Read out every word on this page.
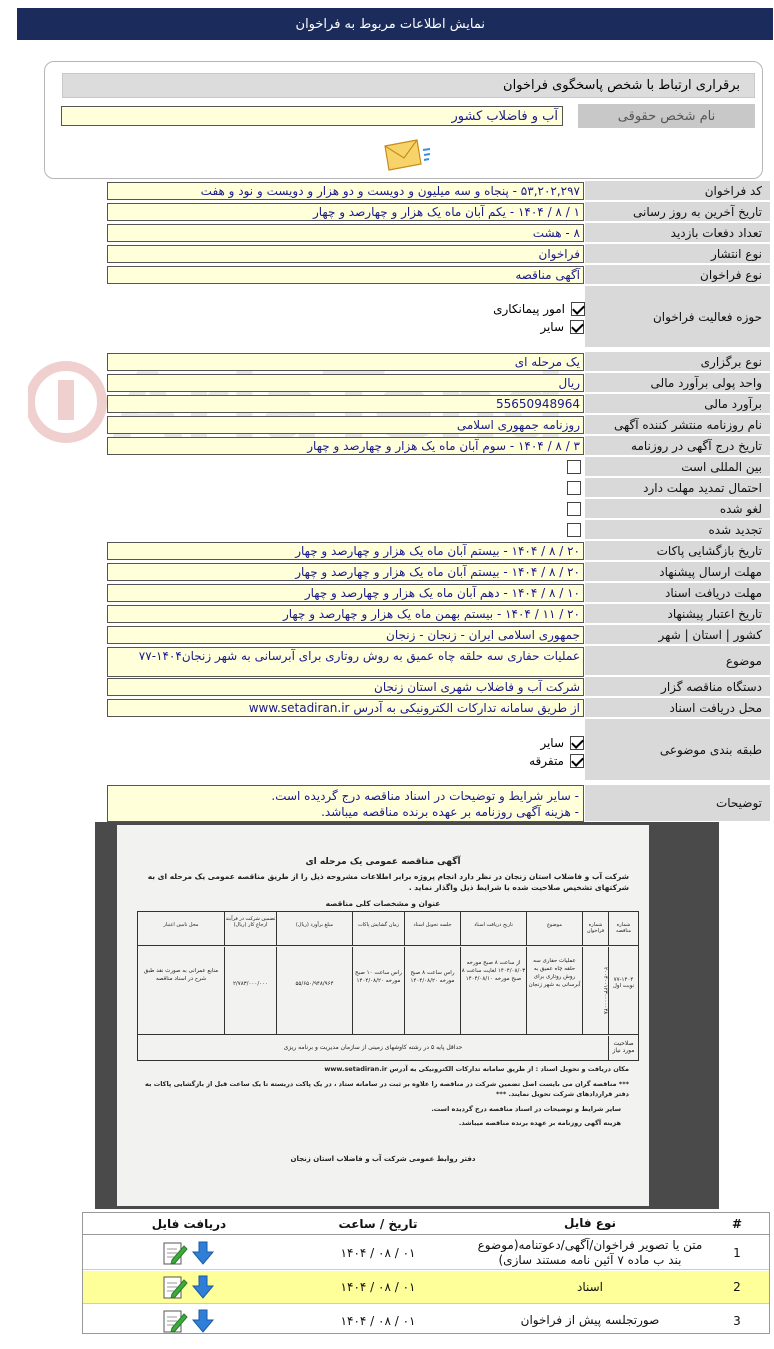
نمایش اطلاعات مربوط به فراخوان
برقراری ارتباط با شخص پاسخگوی فراخوان
نام شخص حقوقی
آب و فاضلاب کشور
کد فراخوان
۵۳,۲۰۲,۲۹۷ - پنجاه و سه میلیون و دویست و دو هزار و دویست و نود و هفت
تاریخ آخرین به روز رسانی
۱ / ۸ / ۱۴۰۴ - یکم آبان ماه یک هزار و چهارصد و چهار
تعداد دفعات بازدید
۸ - هشت
نوع انتشار
فراخوان
نوع فراخوان
آگهی مناقصه
حوزه فعالیت فراخوان
امور پیمانکاری
سایر
نوع برگزاری
یک مرحله ای
واحد پولی برآورد مالی
ریال
برآورد مالی
55650948964
نام روزنامه منتشر کننده آگهی
روزنامه جمهوری اسلامی
تاریخ درج آگهی در روزنامه
۳ / ۸ / ۱۴۰۴ - سوم آبان ماه یک هزار و چهارصد و چهار
بین المللی است
احتمال تمدید مهلت دارد
لغو شده
تجدید شده
تاریخ بازگشایی پاکات
۲۰ / ۸ / ۱۴۰۴ - بیستم آبان ماه یک هزار و چهارصد و چهار
مهلت ارسال پیشنهاد
۲۰ / ۸ / ۱۴۰۴ - بیستم آبان ماه یک هزار و چهارصد و چهار
مهلت دریافت اسناد
۱۰ / ۸ / ۱۴۰۴ - دهم آبان ماه یک هزار و چهارصد و چهار
تاریخ اعتبار پیشنهاد
۲۰ / ۱۱ / ۱۴۰۴ - بیستم بهمن ماه یک هزار و چهارصد و چهار
کشور | استان | شهر
جمهوری اسلامی ایران - زنجان - زنجان
موضوع
عملیات حفاری سه حلقه چاه عمیق به روش روتاری برای آبرسانی به شهر زنجان۱۴۰۴-۷۷
دستگاه مناقصه گزار
شرکت آب و فاضلاب شهری استان زنجان
محل دریافت اسناد
از طریق سامانه تدارکات الکترونیکی به آدرس www.setadiran.ir
طبقه بندی موضوعی
سایر
متفرقه
توضیحات
- سایر شرایط و توضیحات در اسناد مناقصه درج گردیده است.
- هزینه آگهی روزنامه بر عهده برنده مناقصه میباشد.
آگهی مناقصه عمومی یک مرحله ای
شرکت آب و فاضلاب استان زنجان در نظر دارد انجام پروژه برابر اطلاعات مشروحه ذیل را از طریق مناقصه عمومی یک مرحله ای به شرکتهای تشخیص صلاحیت شده با شرایط ذیل واگذار نماید .
عنوان و مشخصات کلی مناقصه
شماره مناقصه
شماره فراخوان
موضوع
تاریخ دریافت اسناد
جلسه تحویل اسناد
زمان گشایش پاکات
مبلغ برآورد (ریال)
تضمین شرکت در فرآیند ارجاع کار (ریال)
محل تامین اعتبار
۷۷-۱۴۰۴ نوبت اول
۲۰۰۴۰۰۱۲۳۰۰۰۰۰۴۸
عملیات حفاری سه حلقه چاه عمیق به روش روتاری برای آبرسانی به شهر زنجان
از ساعت ۸ صبح مورخه ۱۴۰۴/۰۸/۰۳ لغایت ساعت ۸ صبح مورخه ۱۴۰۴/۰۸/۱۰
راس ساعت ۸ صبح مورخه ۱۴۰۴/۰۸/۲۰
راس ساعت ۱۰ صبح مورخه ۱۴۰۴/۰۸/۲۰
۵۵/۶۵۰/۹۴۸/۹۶۴
۲/۷۸۳/۰۰۰/۰۰۰
منابع عمرانی به صورت نقد طبق شرح در اسناد مناقصه
صلاحیت مورد نیاز
حداقل پایه ۵ در رشته کاوشهای زمینی از سازمان مدیریت و برنامه ریزی
مکان دریافت و تحویل اسناد : از طریق سامانه تدارکات الکترونیکی به آدرس www.setadiran.ir
*** مناقصه گران می بایست اصل تضمین شرکت در مناقصه را علاوه بر ثبت در سامانه ستاد ، در یک پاکت دربسته تا یک ساعت قبل از بازگشایی پاکات به دفتر قراردادهای شرکت تحویل نمایند. ***
سایر شرایط و توضیحات در اسناد مناقصه درج گردیده است.
هزینه آگهی روزنامه بر عهده برنده مناقصه میباشد.
دفتر روابط عمومی شرکت آب و فاضلاب استان زنجان
#
نوع فایل
تاریخ / ساعت
دریافت فایل
1
متن یا تصویر فراخوان/آگهی/دعوتنامه(موضوع بند ب ماده ۷ آئین نامه مستند سازی)
۰۱ / ۰۸ / ۱۴۰۴
2
اسناد
۰۱ / ۰۸ / ۱۴۰۴
3
صورتجلسه پیش از فراخوان
۰۱ / ۰۸ / ۱۴۰۴
